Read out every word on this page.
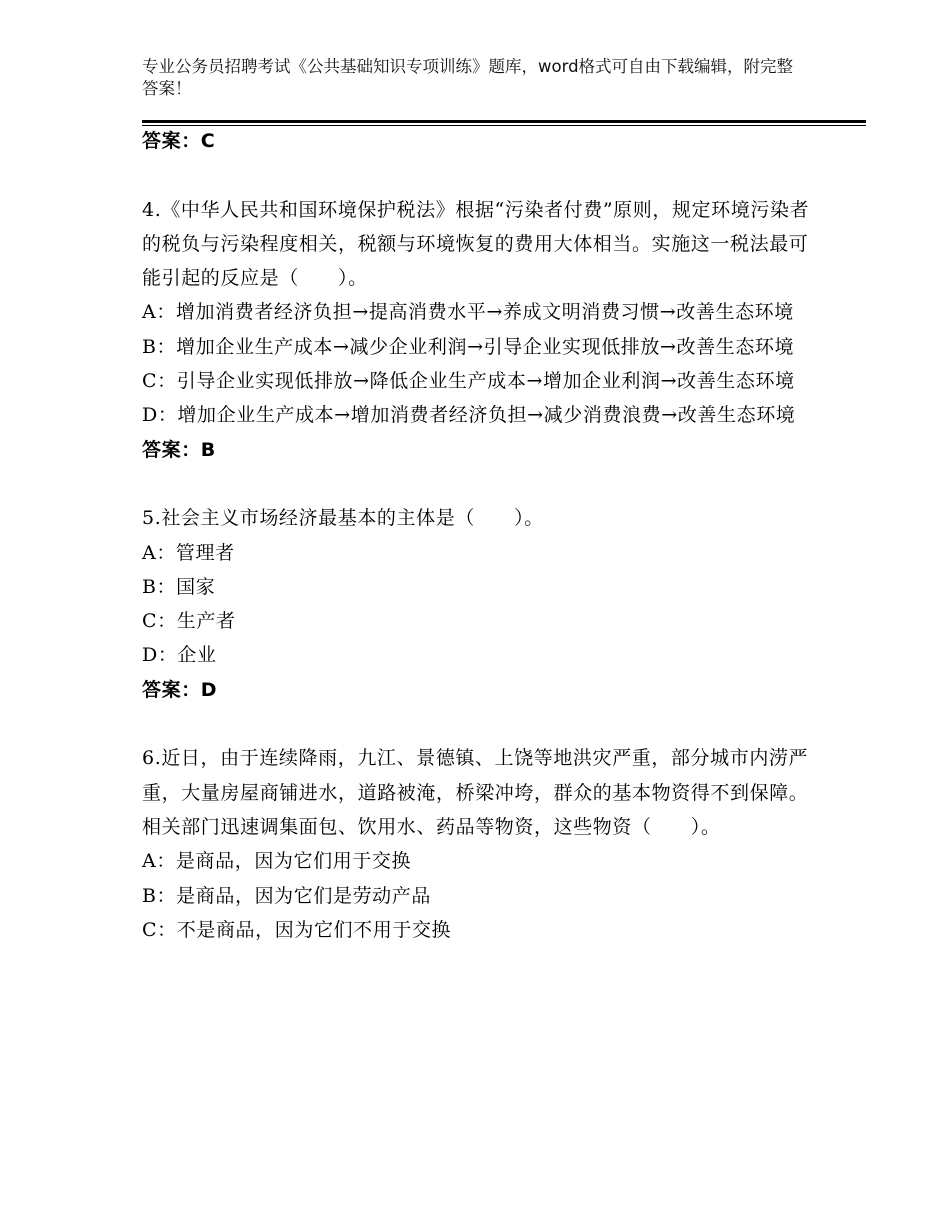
专业公务员招聘考试《公共基础知识专项训练》题库，word格式可自由下载编辑，附完整答案！
答案：C

4.《中华人民共和国环境保护税法》根据“污染者付费”原则，规定环境污染者的税负与污染程度相关，税额与环境恢复的费用大体相当。实施这一税法最可能引起的反应是（　　）。

A：增加消费者经济负担→提高消费水平→养成文明消费习惯→改善生态环境

B：增加企业生产成本→减少企业利润→引导企业实现低排放→改善生态环境

C：引导企业实现低排放→降低企业生产成本→增加企业利润→改善生态环境

D：增加企业生产成本→增加消费者经济负担→减少消费浪费→改善生态环境

答案：B

5.社会主义市场经济最基本的主体是（　　）。

A：管理者

B：国家

C：生产者

D：企业

答案：D

6.近日，由于连续降雨，九江、景德镇、上饶等地洪灾严重，部分城市内涝严重，大量房屋商铺进水，道路被淹，桥梁冲垮，群众的基本物资得不到保障。相关部门迅速调集面包、饮用水、药品等物资，这些物资（　　）。

A：是商品，因为它们用于交换

B：是商品，因为它们是劳动产品

C：不是商品，因为它们不用于交换
